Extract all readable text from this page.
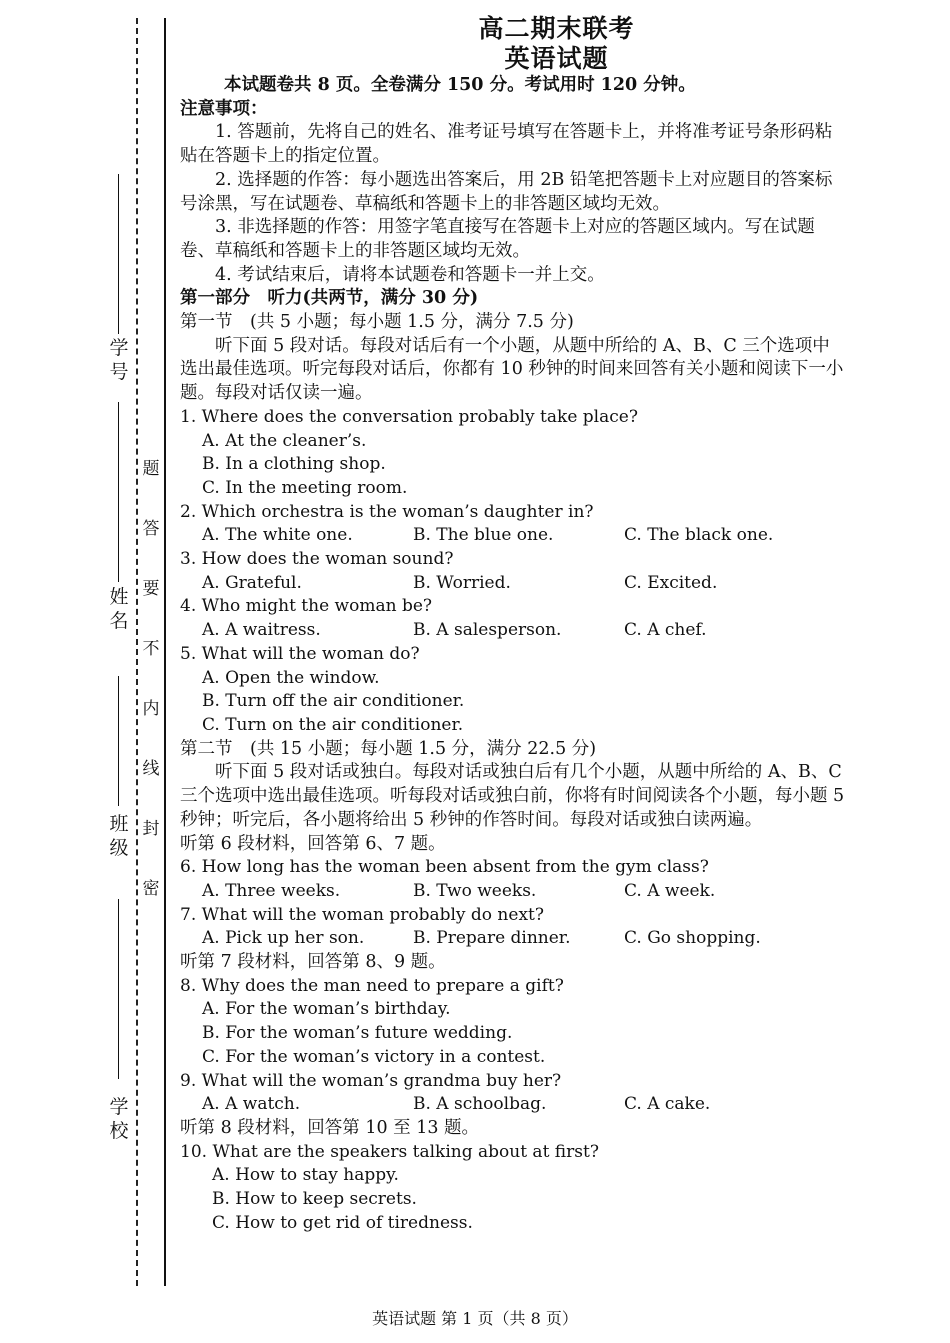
学 校
班 级
姓 名
学 号
题
答
要
不
内
线
封
密
高二期末联考
英语试题
本试题卷共 8 页。全卷满分 150 分。考试用时 120 分钟。
注意事项：
1. 答题前，先将自己的姓名、准考证号填写在答题卡上，并将准考证号条形码粘贴在答题卡上的指定位置。
2. 选择题的作答：每小题选出答案后，用 2B 铅笔把答题卡上对应题目的答案标号涂黑，写在试题卷、草稿纸和答题卡上的非答题区域均无效。
3. 非选择题的作答：用签字笔直接写在答题卡上对应的答题区域内。写在试题卷、草稿纸和答题卡上的非答题区域均无效。
4. 考试结束后，请将本试题卷和答题卡一并上交。
第一部分　听力(共两节，满分 30 分)
第一节　(共 5 小题；每小题 1.5 分，满分 7.5 分)
听下面 5 段对话。每段对话后有一个小题，从题中所给的 A、B、C 三个选项中选出最佳选项。听完每段对话后，你都有 10 秒钟的时间来回答有关小题和阅读下一小题。每段对话仅读一遍。
1. Where does the conversation probably take place?
A. At the cleaner’s.
B. In a clothing shop.
C. In the meeting room.
2. Which orchestra is the woman’s daughter in?
A. The white one.	B. The blue one.	C. The black one.
3. How does the woman sound?
A. Grateful.	B. Worried.	C. Excited.
4. Who might the woman be?
A. A waitress.	B. A salesperson.	C. A chef.
5. What will the woman do?
A. Open the window.
B. Turn off the air conditioner.
C. Turn on the air conditioner.
第二节　(共 15 小题；每小题 1.5 分，满分 22.5 分)
听下面 5 段对话或独白。每段对话或独白后有几个小题，从题中所给的 A、B、C 三个选项中选出最佳选项。听每段对话或独白前，你将有时间阅读各个小题，每小题 5 秒钟；听完后，各小题将给出 5 秒钟的作答时间。每段对话或独白读两遍。
听第 6 段材料，回答第 6、7 题。
6. How long has the woman been absent from the gym class?
A. Three weeks.	B. Two weeks.	C. A week.
7. What will the woman probably do next?
A. Pick up her son.	B. Prepare dinner.	C. Go shopping.
听第 7 段材料，回答第 8、9 题。
8. Why does the man need to prepare a gift?
A. For the woman’s birthday.
B. For the woman’s future wedding.
C. For the woman’s victory in a contest.
9. What will the woman’s grandma buy her?
A. A watch.	B. A schoolbag.	C. A cake.
听第 8 段材料，回答第 10 至 13 题。
10. What are the speakers talking about at first?
A. How to stay happy.
B. How to keep secrets.
C. How to get rid of tiredness.
英语试题 第 1 页（共 8 页）
